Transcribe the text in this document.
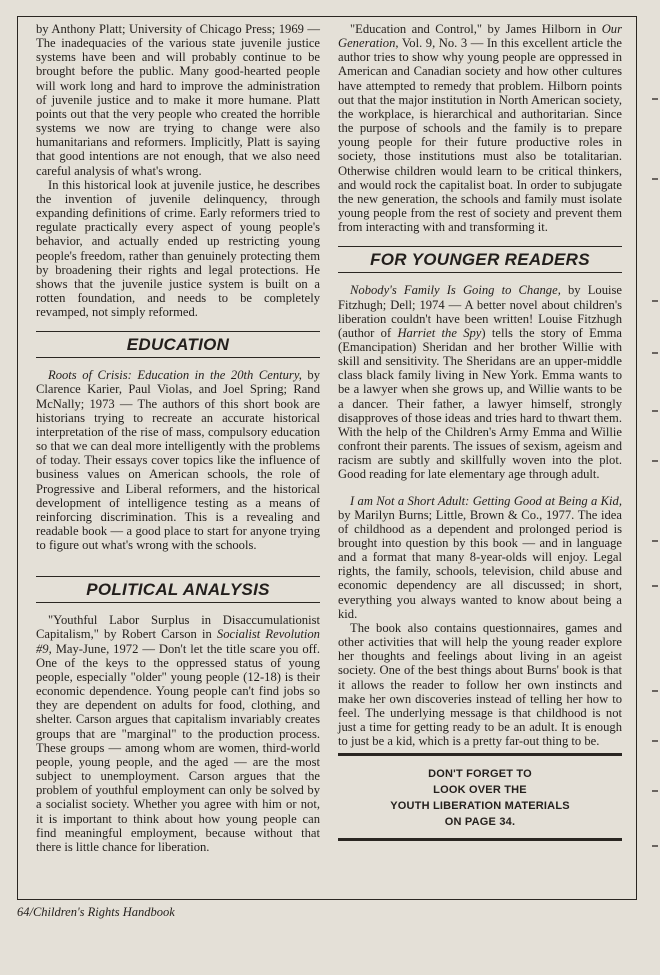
by Anthony Platt; University of Chicago Press; 1969 — The inadequacies of the various state juvenile justice systems have been and will probably continue to be brought before the public. Many good-hearted people will work long and hard to improve the administration of juvenile justice and to make it more humane. Platt points out that the very people who created the horrible systems we now are trying to change were also humanitarians and reformers. Implicitly, Platt is saying that good intentions are not enough, that we also need careful analysis of what's wrong.

In this historical look at juvenile justice, he describes the invention of juvenile delinquency, through expanding definitions of crime. Early reformers tried to regulate practically every aspect of young people's behavior, and actually ended up restricting young people's freedom, rather than genuinely protecting them by broadening their rights and legal protections. He shows that the juvenile justice system is built on a rotten foundation, and needs to be completely revamped, not simply reformed.

EDUCATION

Roots of Crisis: Education in the 20th Century, by Clarence Karier, Paul Violas, and Joel Spring; Rand McNally; 1973 — The authors of this short book are historians trying to recreate an accurate historical interpretation of the rise of mass, compulsory education so that we can deal more intelligently with the problems of today. Their essays cover topics like the influence of business values on American schools, the role of Progressive and Liberal reformers, and the historical development of intelligence testing as a means of reinforcing discrimination. This is a revealing and readable book — a good place to start for anyone trying to figure out what's wrong with the schools.

POLITICAL ANALYSIS

"Youthful Labor Surplus in Disaccumulationist Capitalism," by Robert Carson in Socialist Revolution #9, May-June, 1972 — Don't let the title scare you off. One of the keys to the oppressed status of young people, especially "older" young people (12-18) is their economic dependence. Young people can't find jobs so they are dependent on adults for food, clothing, and shelter. Carson argues that capitalism invariably creates groups that are "marginal" to the production process. These groups — among whom are women, third-world people, young people, and the aged — are the most subject to unemployment. Carson argues that the problem of youthful employment can only be solved by a socialist society. Whether you agree with him or not, it is important to think about how young people can find meaningful employment, because without that there is little chance for liberation.

"Education and Control," by James Hilborn in Our Generation, Vol. 9, No. 3 — In this excellent article the author tries to show why young people are oppressed in American and Canadian society and how other cultures have attempted to remedy that problem. Hilborn points out that the major institution in North American society, the workplace, is hierarchical and authoritarian. Since the purpose of schools and the family is to prepare young people for their future productive roles in society, those institutions must also be totalitarian. Otherwise children would learn to be critical thinkers, and would rock the capitalist boat. In order to subjugate the new generation, the schools and family must isolate young people from the rest of society and prevent them from interacting with and transforming it.

FOR YOUNGER READERS

Nobody's Family Is Going to Change, by Louise Fitzhugh; Dell; 1974 — A better novel about children's liberation couldn't have been written! Louise Fitzhugh (author of Harriet the Spy) tells the story of Emma (Emancipation) Sheridan and her brother Willie with skill and sensitivity. The Sheridans are an upper-middle class black family living in New York. Emma wants to be a lawyer when she grows up, and Willie wants to be a dancer. Their father, a lawyer himself, strongly disapproves of those ideas and tries hard to thwart them. With the help of the Children's Army Emma and Willie confront their parents. The issues of sexism, ageism and racism are subtly and skillfully woven into the plot. Good reading for late elementary age through adult.

I am Not a Short Adult: Getting Good at Being a Kid, by Marilyn Burns; Little, Brown & Co., 1977. The idea of childhood as a dependent and prolonged period is brought into question by this book — and in language and a format that many 8-year-olds will enjoy. Legal rights, the family, schools, television, child abuse and economic dependency are all discussed; in short, everything you always wanted to know about being a kid.

The book also contains questionnaires, games and other activities that will help the young reader explore her thoughts and feelings about living in an ageist society. One of the best things about Burns' book is that it allows the reader to follow her own instincts and make her own discoveries instead of telling her how to feel. The underlying message is that childhood is not just a time for getting ready to be an adult. It is enough to just be a kid, which is a pretty far-out thing to be.

DON'T FORGET TO
LOOK OVER THE
YOUTH LIBERATION MATERIALS
ON PAGE 34.
64/Children's Rights Handbook
